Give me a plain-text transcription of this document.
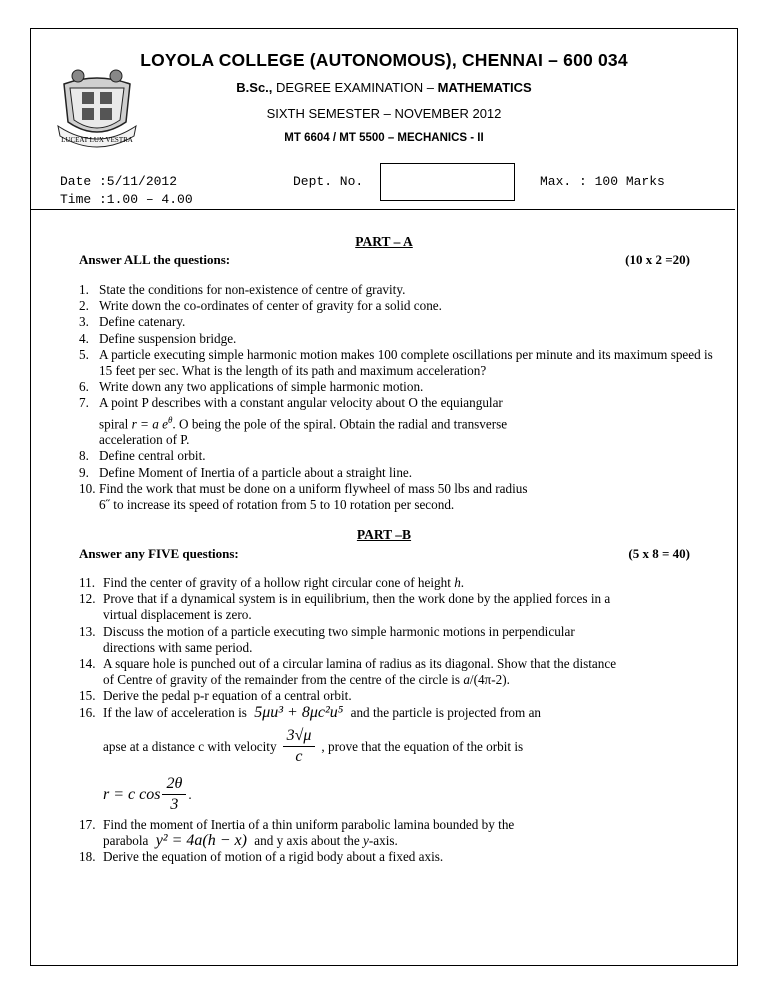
LUCEAT LUX VESTRA
LOYOLA COLLEGE (AUTONOMOUS), CHENNAI – 600 034
B.Sc., DEGREE EXAMINATION – MATHEMATICS
SIXTH SEMESTER – NOVEMBER 2012
MT 6604 / MT 5500 – MECHANICS - II
Date :5/11/2012
Time :1.00 – 4.00
Dept. No.	Max. : 100 Marks
PART – A
Answer ALL the questions:	(10 x 2 =20)
1. State the conditions for non-existence of centre of gravity.
2. Write down the co-ordinates of center of gravity for a solid cone.
3. Define catenary.
4. Define suspension bridge.
5. A particle executing simple harmonic motion makes 100 complete oscillations per minute and its maximum speed is 15 feet per sec. What is the length of its path and maximum acceleration?
6. Write down any two applications of simple harmonic motion.
7. A point P describes with a constant angular velocity about O the equiangular spiral r = a $e^\theta$. O being the pole of the spiral. Obtain the radial and transverse acceleration of P.
8. Define central orbit.
9. Define Moment of Inertia of a particle about a straight line.
10. Find the work that must be done on a uniform flywheel of mass 50 lbs and radius 6˝ to increase its speed of rotation from 5 to 10 rotation per second.
PART –B
Answer any FIVE questions:	(5 x 8 = 40)
11. Find the center of gravity of a hollow right circular cone of height h.
12. Prove that if a dynamical system is in equilibrium, then the work done by the applied forces in a virtual displacement is zero.
13. Discuss the motion of a particle executing two simple harmonic motions in perpendicular directions with same period.
14. A square hole is punched out of a circular lamina of radius as its diagonal. Show that the distance of Centre of gravity of the remainder from the centre of the circle is a/(4π-2).
15. Derive the pedal p-r equation of a central orbit.
16. If the law of acceleration is 5μu³ + 8μc²u⁵ and the particle is projected from an
apse at a distance c with velocity $\frac{3√\mu}{c}$ , prove that the equation of the orbit is
r = c $\cos \frac{2\theta}{3}$ .
17. Find the moment of Inertia of a thin uniform parabolic lamina bounded by the
parabola y² = 4a(h − x) and y axis about the y-axis.
18. Derive the equation of motion of a rigid body about a fixed axis.
